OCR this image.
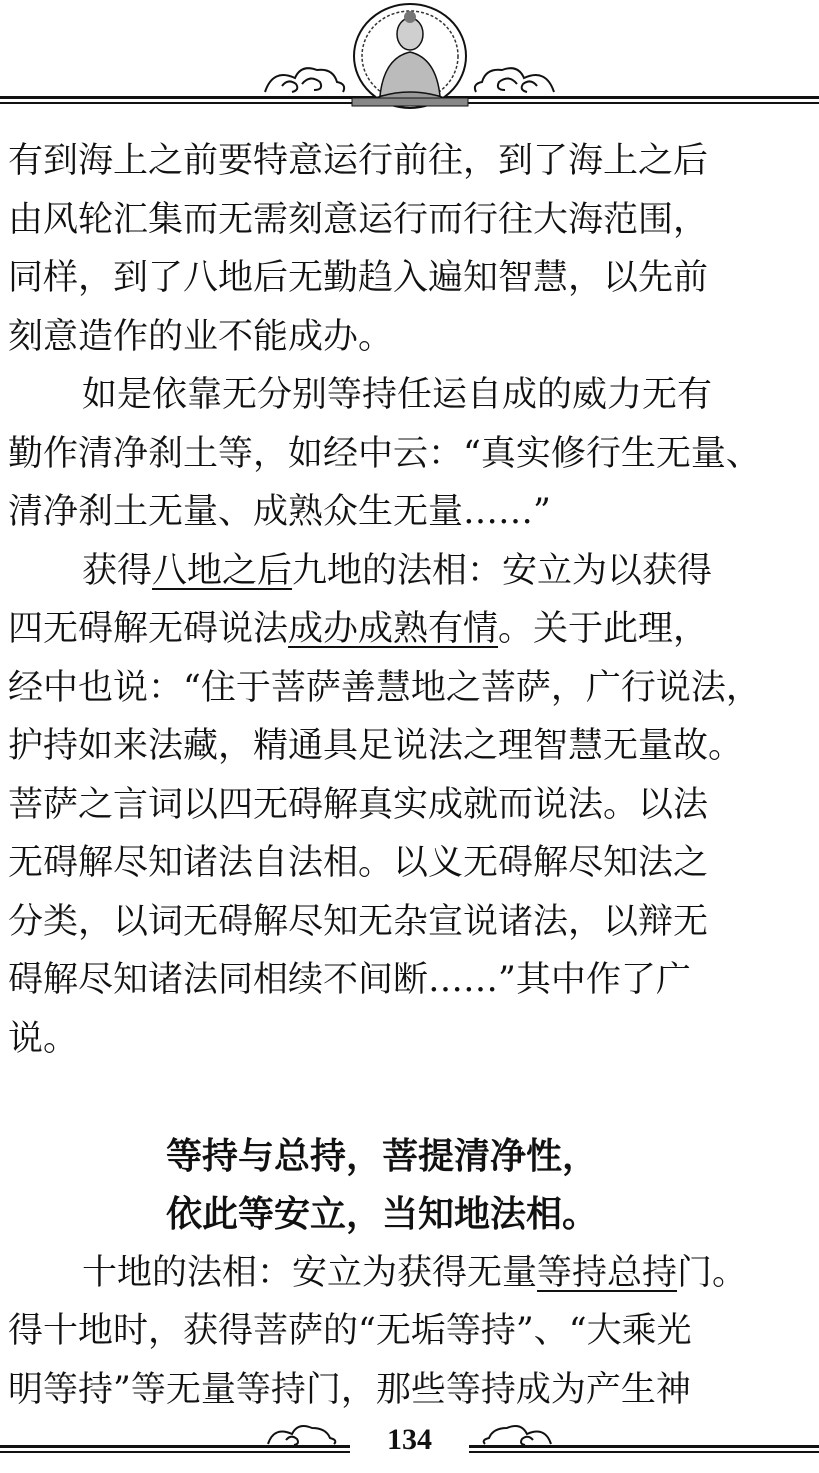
有到海上之前要特意运行前往，到了海上之后
由风轮汇集而无需刻意运行而行往大海范围，
同样，到了八地后无勤趋入遍知智慧，以先前
刻意造作的业不能成办。
如是依靠无分别等持任运自成的威力无有
勤作清净刹土等，如经中云：“真实修行生无量、
清净刹土无量、成熟众生无量……”
获得八地之后九地的法相：安立为以获得
四无碍解无碍说法成办成熟有情。关于此理，
经中也说：“住于菩萨善慧地之菩萨，广行说法，
护持如来法藏，精通具足说法之理智慧无量故。
菩萨之言词以四无碍解真实成就而说法。以法
无碍解尽知诸法自法相。以义无碍解尽知法之
分类，以词无碍解尽知无杂宣说诸法，以辩无
碍解尽知诸法同相续不间断……”其中作了广
说。
等持与总持，菩提清净性，
依此等安立，当知地法相。
十地的法相：安立为获得无量等持总持门。
得十地时，获得菩萨的“无垢等持”、“大乘光
明等持”等无量等持门，那些等持成为产生神
134
